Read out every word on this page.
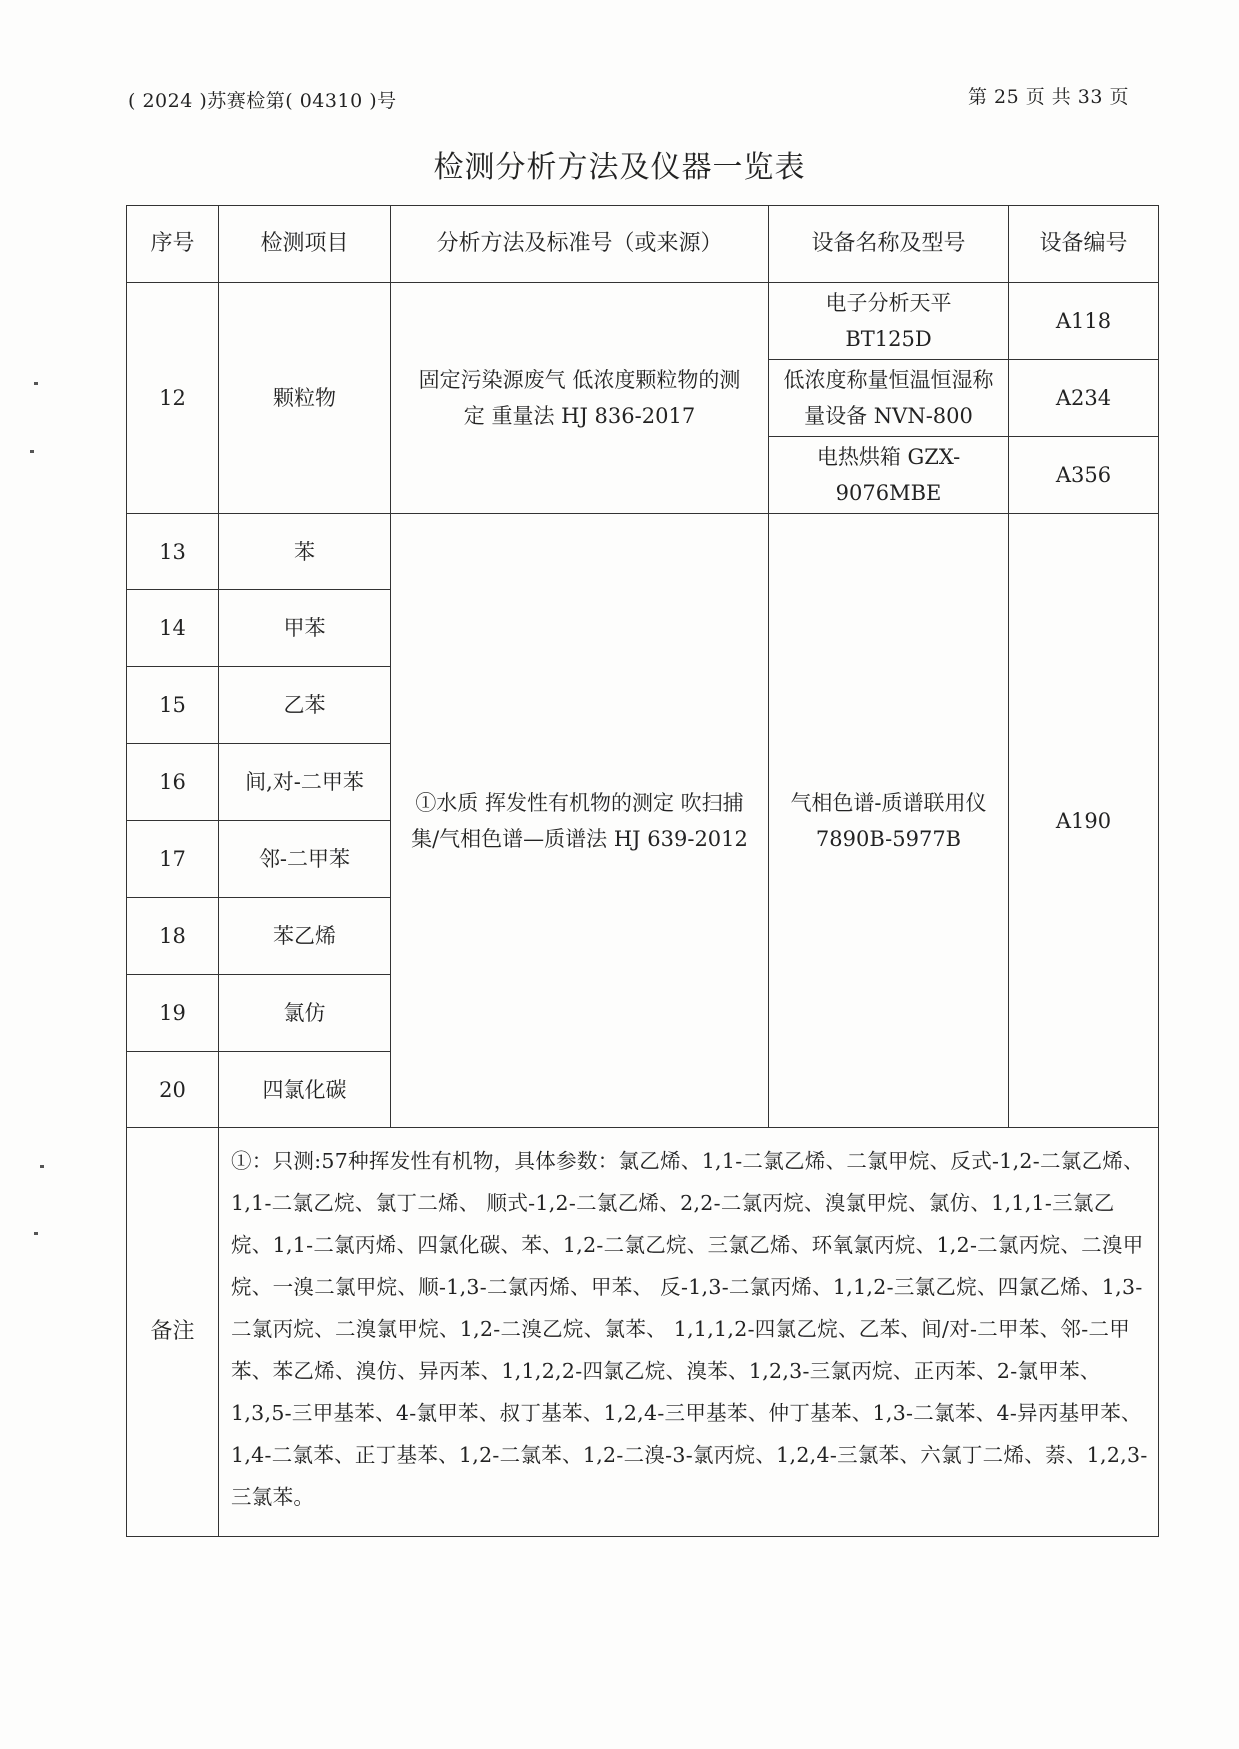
( 2024 )苏赛检第( 04310 )号	第 25 页 共 33 页
检测分析方法及仪器一览表
序号	检测项目	分析方法及标准号（或来源）	设备名称及型号	设备编号
12	颗粒物	固定污染源废气 低浓度颗粒物的测定 重量法 HJ 836-2017	电子分析天平 BT125D	A118
			低浓度称量恒温恒湿称量设备 NVN-800	A234
			电热烘箱 GZX-9076MBE	A356
13	苯	①水质 挥发性有机物的测定 吹扫捕集/气相色谱—质谱法 HJ 639-2012	气相色谱-质谱联用仪 7890B-5977B	A190
14	甲苯			
15	乙苯			
16	间,对-二甲苯			
17	邻-二甲苯			
18	苯乙烯			
19	氯仿			
20	四氯化碳			
备注	①：只测:57种挥发性有机物，具体参数：氯乙烯、1,1-二氯乙烯、二氯甲烷、反式-1,2-二氯乙烯、1,1-二氯乙烷、氯丁二烯、 顺式-1,2-二氯乙烯、2,2-二氯丙烷、溴氯甲烷、氯仿、1,1,1-三氯乙烷、1,1-二氯丙烯、四氯化碳、苯、1,2-二氯乙烷、三氯乙烯、环氧氯丙烷、1,2-二氯丙烷、二溴甲烷、一溴二氯甲烷、顺-1,3-二氯丙烯、甲苯、 反-1,3-二氯丙烯、1,1,2-三氯乙烷、四氯乙烯、1,3-二氯丙烷、二溴氯甲烷、1,2-二溴乙烷、氯苯、 1,1,1,2-四氯乙烷、乙苯、间/对-二甲苯、邻-二甲苯、苯乙烯、溴仿、异丙苯、1,1,2,2-四氯乙烷、溴苯、1,2,3-三氯丙烷、正丙苯、2-氯甲苯、1,3,5-三甲基苯、4-氯甲苯、叔丁基苯、1,2,4-三甲基苯、仲丁基苯、1,3-二氯苯、4-异丙基甲苯、1,4-二氯苯、正丁基苯、1,2-二氯苯、1,2-二溴-3-氯丙烷、1,2,4-三氯苯、六氯丁二烯、萘、1,2,3-三氯苯。			
